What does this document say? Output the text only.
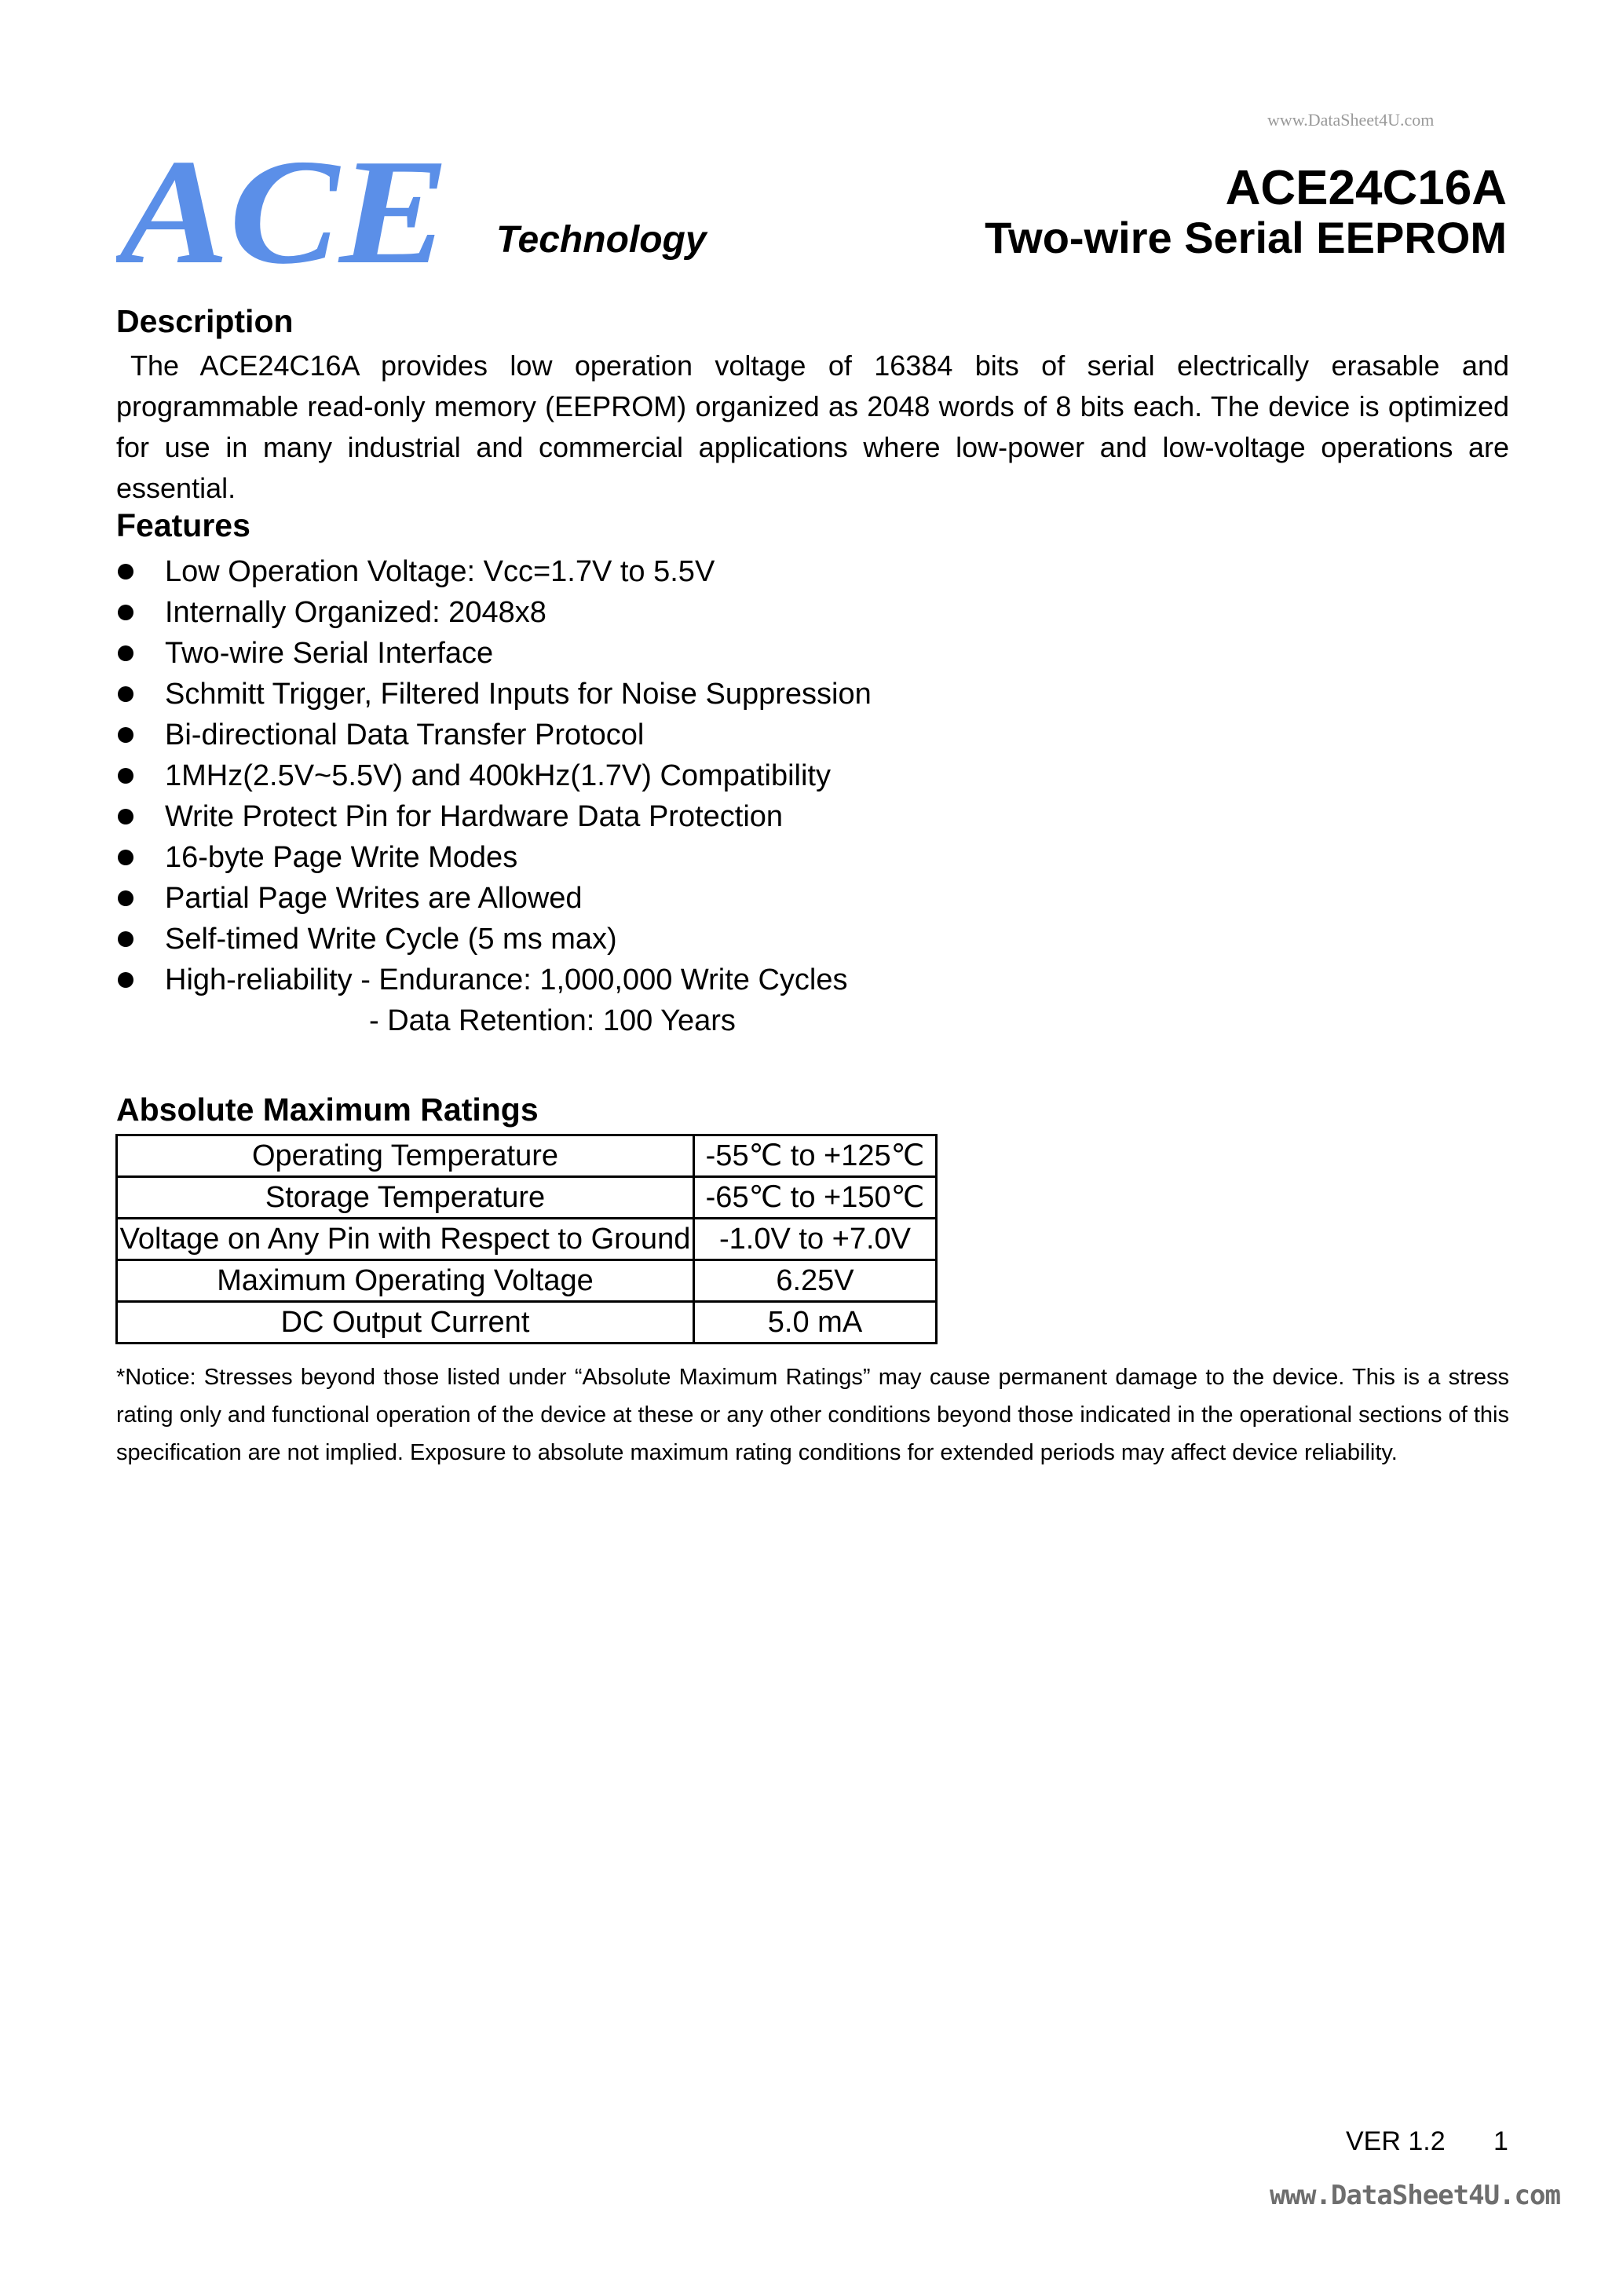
www.DataSheet4U.com
ACE Technology
ACE24C16A
Two-wire Serial EEPROM
Description
The ACE24C16A provides low operation voltage of 16384 bits of serial electrically erasable and programmable read-only memory (EEPROM) organized as 2048 words of 8 bits each. The device is optimized for use in many industrial and commercial applications where low-power and low-voltage operations are essential.
Features
Low Operation Voltage: Vcc=1.7V to 5.5V
Internally Organized: 2048x8
Two-wire Serial Interface
Schmitt Trigger, Filtered Inputs for Noise Suppression
Bi-directional Data Transfer Protocol
1MHz(2.5V~5.5V) and 400kHz(1.7V) Compatibility
Write Protect Pin for Hardware Data Protection
16-byte Page Write Modes
Partial Page Writes are Allowed
Self-timed Write Cycle (5 ms max)
High-reliability - Endurance: 1,000,000 Write Cycles
- Data Retention: 100 Years
Absolute Maximum Ratings
Operating Temperature	-55℃ to +125℃
Storage Temperature	-65℃ to +150℃
Voltage on Any Pin with Respect to Ground	-1.0V to +7.0V
Maximum Operating Voltage	6.25V
DC Output Current	5.0 mA
*Notice: Stresses beyond those listed under “Absolute Maximum Ratings” may cause permanent damage to the device. This is a stress rating only and functional operation of the device at these or any other conditions beyond those indicated in the operational sections of this specification are not implied. Exposure to absolute maximum rating conditions for extended periods may affect device reliability.
VER 1.2 1
www.DataSheet4U.com
